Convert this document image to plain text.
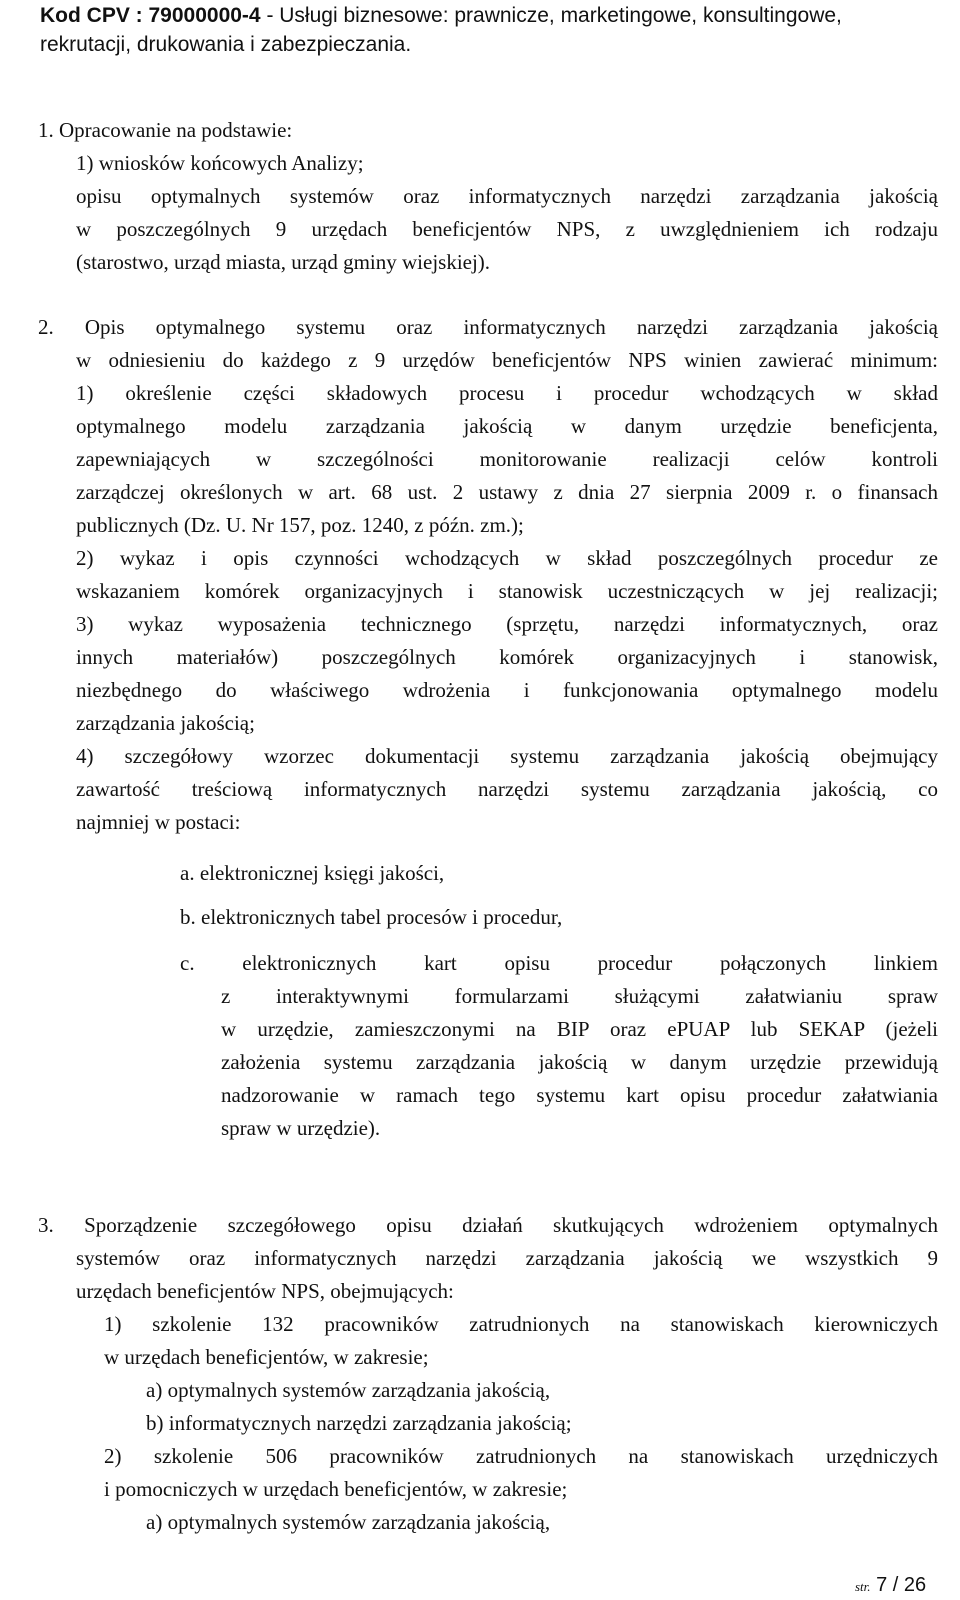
Kod CPV : 79000000-4 - Usługi biznesowe: prawnicze, marketingowe, konsultingowe,
rekrutacji, drukowania i zabezpieczania.
1. Opracowanie na podstawie:
1) wniosków końcowych Analizy;
opisu optymalnych systemów oraz informatycznych narzędzi zarządzania jakością
w poszczególnych 9 urzędach beneficjentów NPS, z uwzględnieniem ich rodzaju
(starostwo, urząd miasta, urząd gminy wiejskiej).
2. Opis optymalnego systemu oraz informatycznych narzędzi zarządzania jakością
w odniesieniu do każdego z 9 urzędów beneficjentów NPS winien zawierać minimum:
1) określenie części składowych procesu i procedur wchodzących w skład
optymalnego modelu zarządzania jakością w danym urzędzie beneficjenta,
zapewniających w szczególności monitorowanie realizacji celów kontroli
zarządczej określonych w art. 68 ust. 2 ustawy z dnia 27 sierpnia 2009 r. o finansach
publicznych (Dz. U. Nr 157, poz. 1240, z późn. zm.);
2) wykaz i opis czynności wchodzących w skład poszczególnych procedur ze
wskazaniem komórek organizacyjnych i stanowisk uczestniczących w jej realizacji;
3) wykaz wyposażenia technicznego (sprzętu, narzędzi informatycznych, oraz
innych materiałów) poszczególnych komórek organizacyjnych i stanowisk,
niezbędnego do właściwego wdrożenia i funkcjonowania optymalnego modelu
zarządzania jakością;
4) szczegółowy wzorzec dokumentacji systemu zarządzania jakością obejmujący
zawartość treściową informatycznych narzędzi systemu zarządzania jakością, co
najmniej w postaci:
a. elektronicznej księgi jakości,
b. elektronicznych tabel procesów i procedur,
c. elektronicznych kart opisu procedur połączonych linkiem
z interaktywnymi formularzami służącymi załatwianiu spraw
w urzędzie, zamieszczonymi na BIP oraz ePUAP lub SEKAP (jeżeli
założenia systemu zarządzania jakością w danym urzędzie przewidują
nadzorowanie w ramach tego systemu kart opisu procedur załatwiania
spraw w urzędzie).
3. Sporządzenie szczegółowego opisu działań skutkujących wdrożeniem optymalnych
systemów oraz informatycznych narzędzi zarządzania jakością we wszystkich 9
urzędach beneficjentów NPS, obejmujących:
1) szkolenie 132 pracowników zatrudnionych na stanowiskach kierowniczych
w urzędach beneficjentów, w zakresie;
a) optymalnych systemów zarządzania jakością,
b) informatycznych narzędzi zarządzania jakością;
2) szkolenie 506 pracowników zatrudnionych na stanowiskach urzędniczych
i pomocniczych w urzędach beneficjentów, w zakresie;
a) optymalnych systemów zarządzania jakością,
str. 7 / 26
